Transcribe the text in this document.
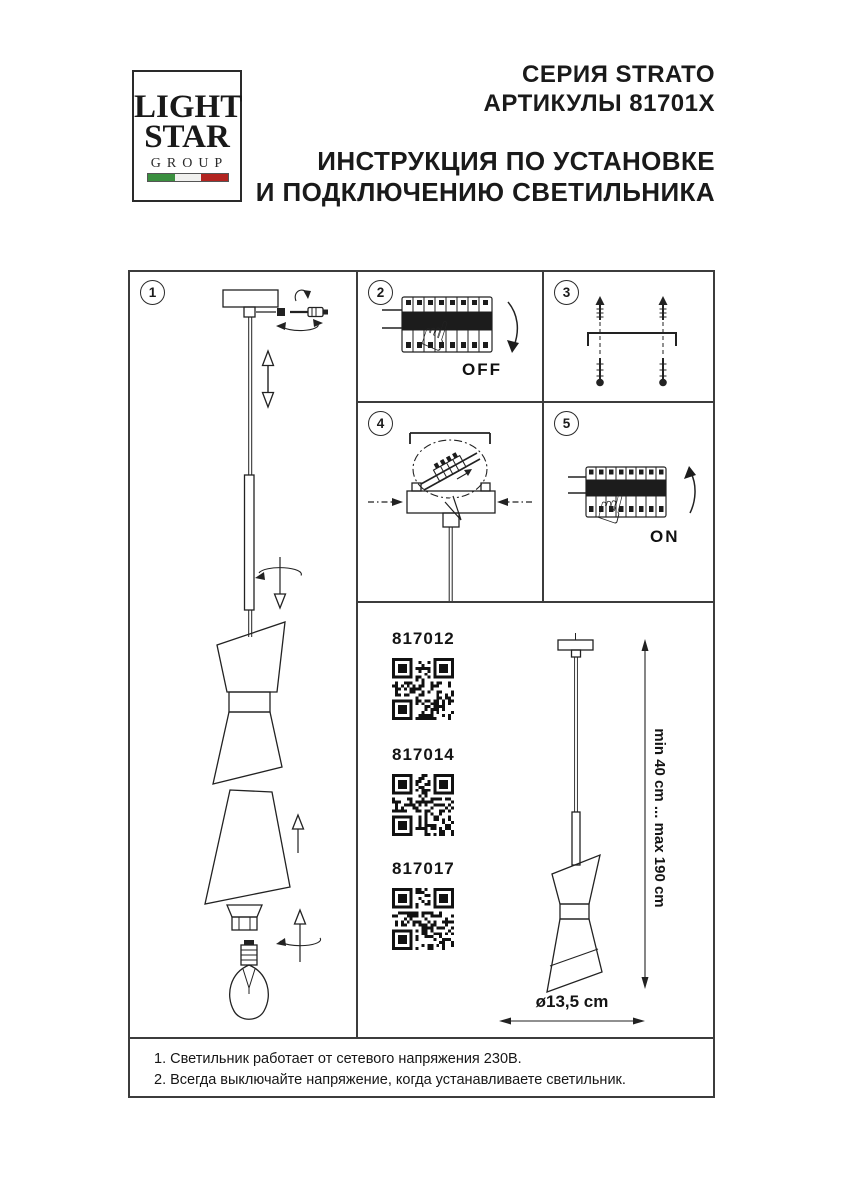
LIGHT
STAR
GROUP
СЕРИЯ STRATO
АРТИКУЛЫ 81701X
ИНСТРУКЦИЯ ПО УСТАНОВКЕ
И ПОДКЛЮЧЕНИЮ СВЕТИЛЬНИКА
1	2
☝
OFF
3
4	5
☝
ON
817012
817014
817017	min 40 cm ... max 190 cm
ø13,5 cm
1. Светильник работает от сетевого напряжения 230В.
2. Всегда выключайте напряжение, когда устанавливаете светильник.
